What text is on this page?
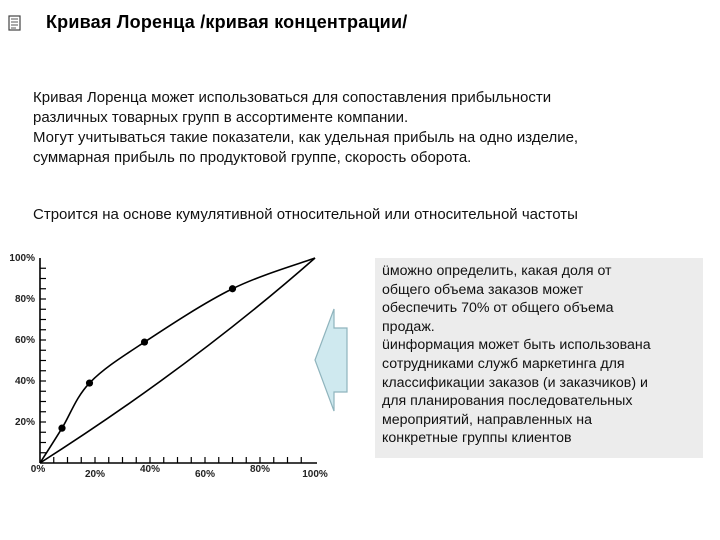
Кривая Лоренца /кривая концентрации/
Кривая Лоренца может использоваться для сопоставления прибыльности
различных товарных групп в ассортименте компании.
Могут учитываться такие показатели, как удельная прибыль на одно изделие,
суммарная прибыль по продуктовой группе, скорость оборота.
Строится на основе кумулятивной относительной или относительной частоты
20%
40%
60%
80%
100%
0%	20%	40%	60%	80%	100%
üможно определить, какая доля от
общего объема заказов может
обеспечить 70% от общего объема
продаж.
üинформация может быть использована
сотрудниками служб маркетинга для
классификации заказов (и заказчиков) и
для планирования последовательных
мероприятий, направленных на
конкретные группы клиентов
